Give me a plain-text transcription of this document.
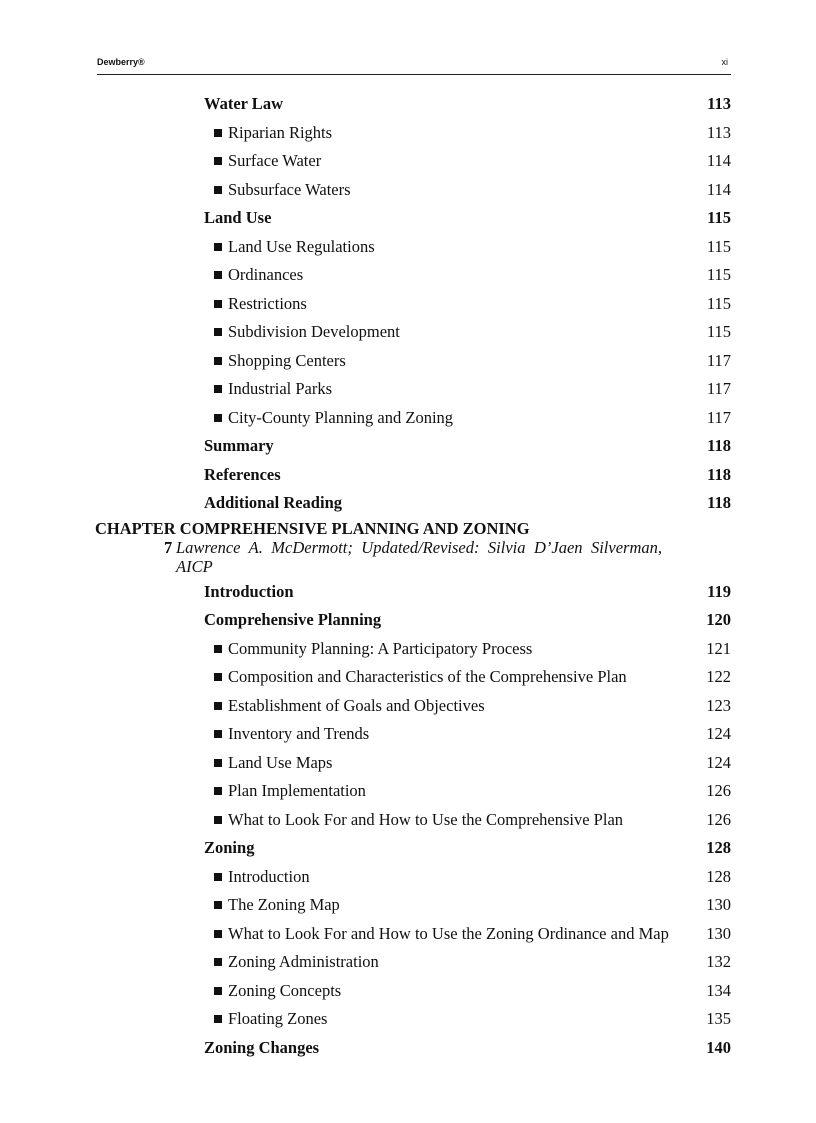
Dewberry®	xi
Water Law	113
Riparian Rights	113
Surface Water	114
Subsurface Waters	114
Land Use	115
Land Use Regulations	115
Ordinances	115
Restrictions	115
Subdivision Development	115
Shopping Centers	117
Industrial Parks	117
City-County Planning and Zoning	117
Summary	118
References	118
Additional Reading	118
CHAPTER COMPREHENSIVE PLANNING AND ZONING
7 Lawrence A. McDermott; Updated/Revised: Silvia D’Jaen Silverman, AICP
Introduction	119
Comprehensive Planning	120
Community Planning: A Participatory Process	121
Composition and Characteristics of the Comprehensive Plan	122
Establishment of Goals and Objectives	123
Inventory and Trends	124
Land Use Maps	124
Plan Implementation	126
What to Look For and How to Use the Comprehensive Plan	126
Zoning	128
Introduction	128
The Zoning Map	130
What to Look For and How to Use the Zoning Ordinance and Map 130
Zoning Administration	132
Zoning Concepts	134
Floating Zones	135
Zoning Changes	140
